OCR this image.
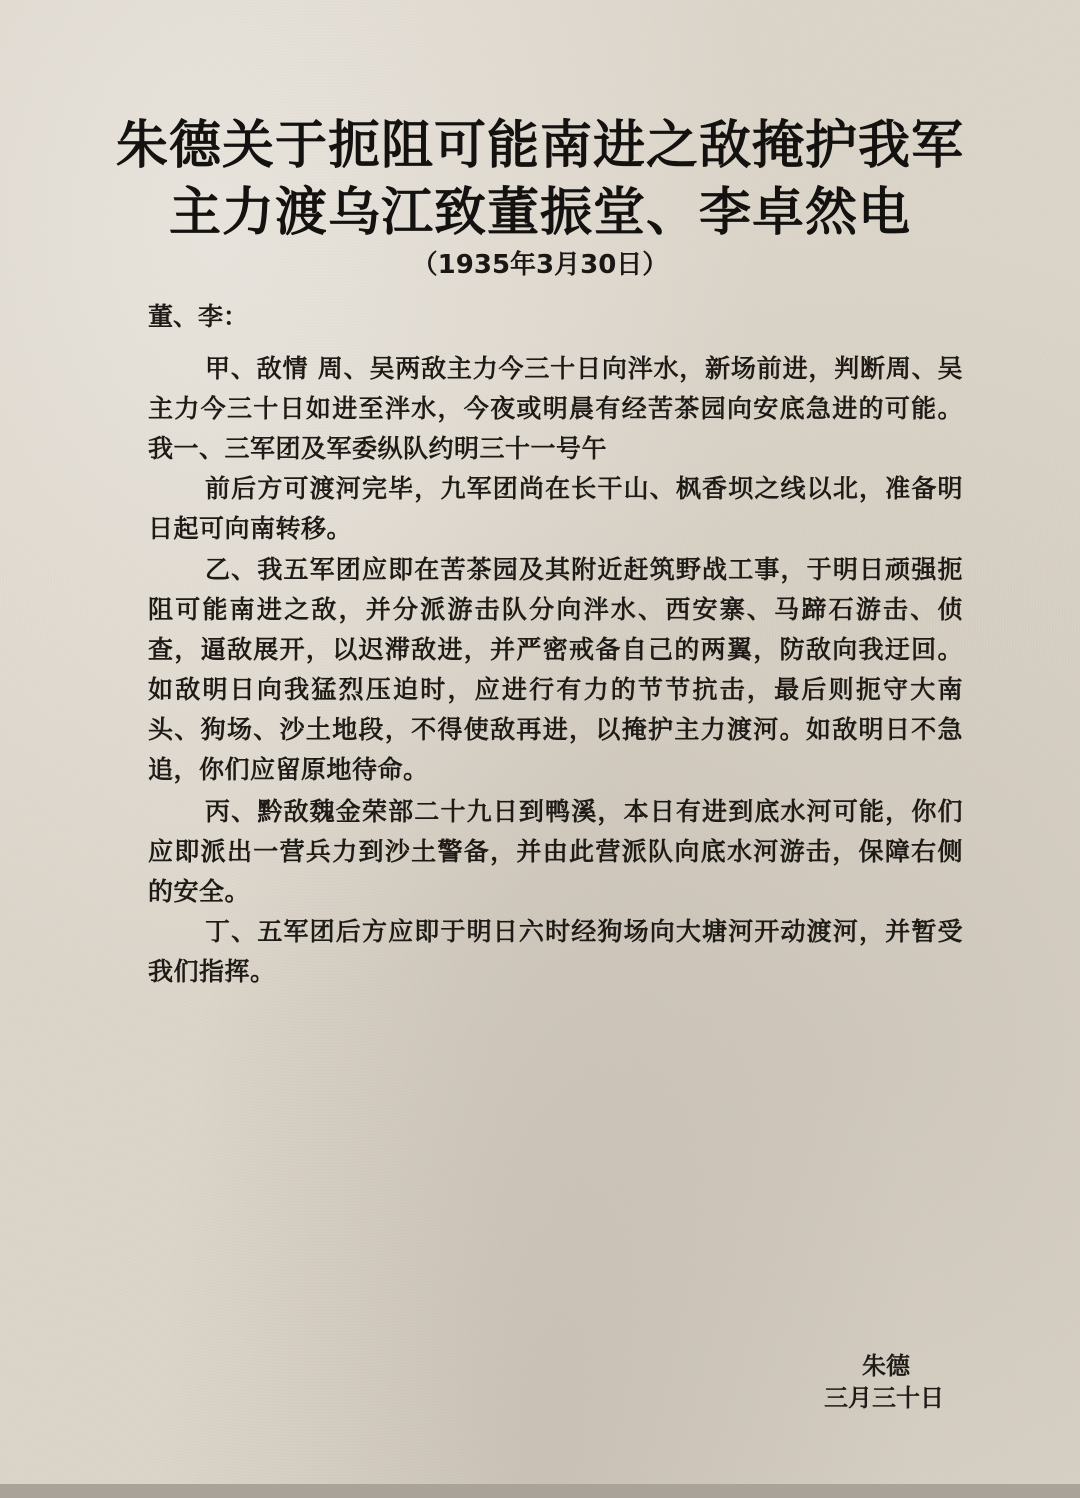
朱德关于扼阻可能南进之敌掩护我军
主力渡乌江致董振堂、李卓然电
（1935年3月30日）
董、李：
甲、敌情 周、吴两敌主力今三十日向泮水，新场前进，判断周、吴主力今三十日如进至泮水，今夜或明晨有经苦茶园向安底急进的可能。我一、三军团及军委纵队约明三十一号午
前后方可渡河完毕，九军团尚在长干山、枫香坝之线以北，准备明日起可向南转移。
乙、我五军团应即在苦茶园及其附近赶筑野战工事，于明日顽强扼阻可能南进之敌，并分派游击队分向泮水、西安寨、马蹄石游击、侦查，逼敌展开，以迟滞敌进，并严密戒备自己的两翼，防敌向我迂回。如敌明日向我猛烈压迫时，应进行有力的节节抗击，最后则扼守大南头、狗场、沙土地段，不得使敌再进，以掩护主力渡河。如敌明日不急追，你们应留原地待命。
丙、黔敌魏金荣部二十九日到鸭溪，本日有进到底水河可能，你们应即派出一营兵力到沙土警备，并由此营派队向底水河游击，保障右侧的安全。
丁、五军团后方应即于明日六时经狗场向大塘河开动渡河，并暂受我们指挥。
朱德
三月三十日
